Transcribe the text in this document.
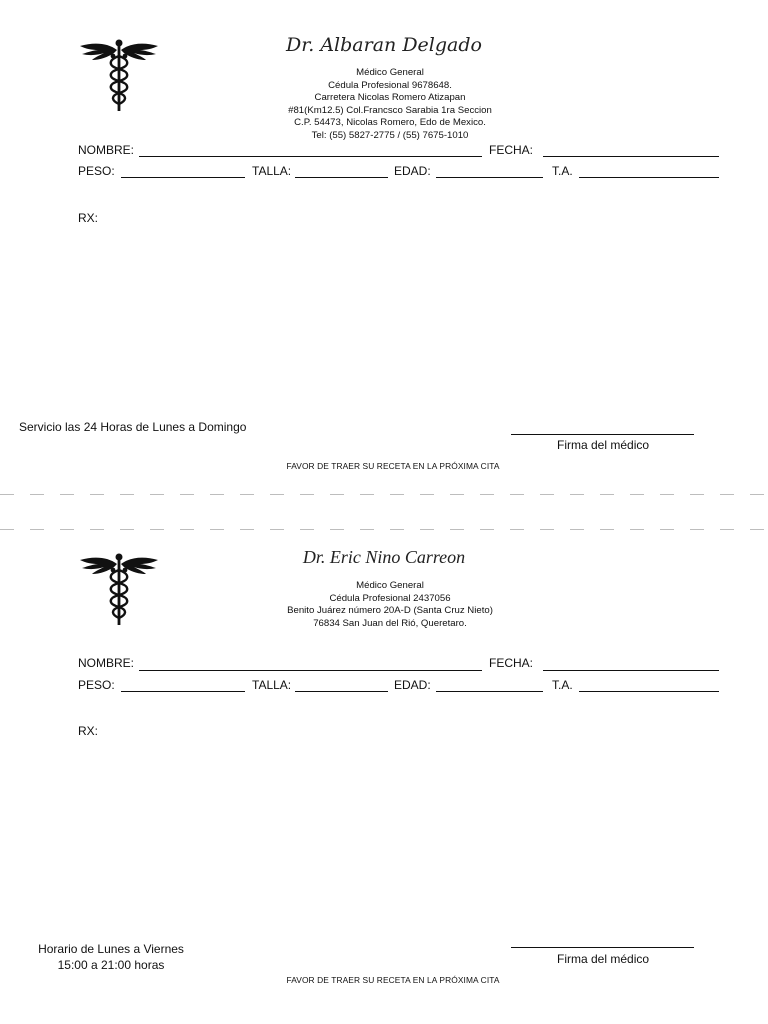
Dr. Albaran Delgado
Médico General
Cédula Profesional 9678648.
Carretera Nicolas Romero Atizapan
#81(Km12.5) Col.Francsco Sarabia 1ra Seccion
C.P. 54473, Nicolas Romero, Edo de Mexico.
Tel: (55) 5827-2775 / (55) 7675-1010
NOMBRE:	FECHA:
PESO:	TALLA:	EDAD:	T.A.
RX:
Servicio las 24 Horas de Lunes a Domingo
Firma del médico
FAVOR DE TRAER SU RECETA EN LA PRÓXIMA CITA
Dr. Eric Nino Carreon
Médico General
Cédula Profesional 2437056
Benito Juárez número 20A-D (Santa Cruz Nieto)
76834 San Juan del Rió, Queretaro.
NOMBRE:	FECHA:
PESO:	TALLA:	EDAD:	T.A.
RX:
Horario de Lunes a Viernes
15:00 a 21:00 horas	Firma del médico
FAVOR DE TRAER SU RECETA EN LA PRÓXIMA CITA
